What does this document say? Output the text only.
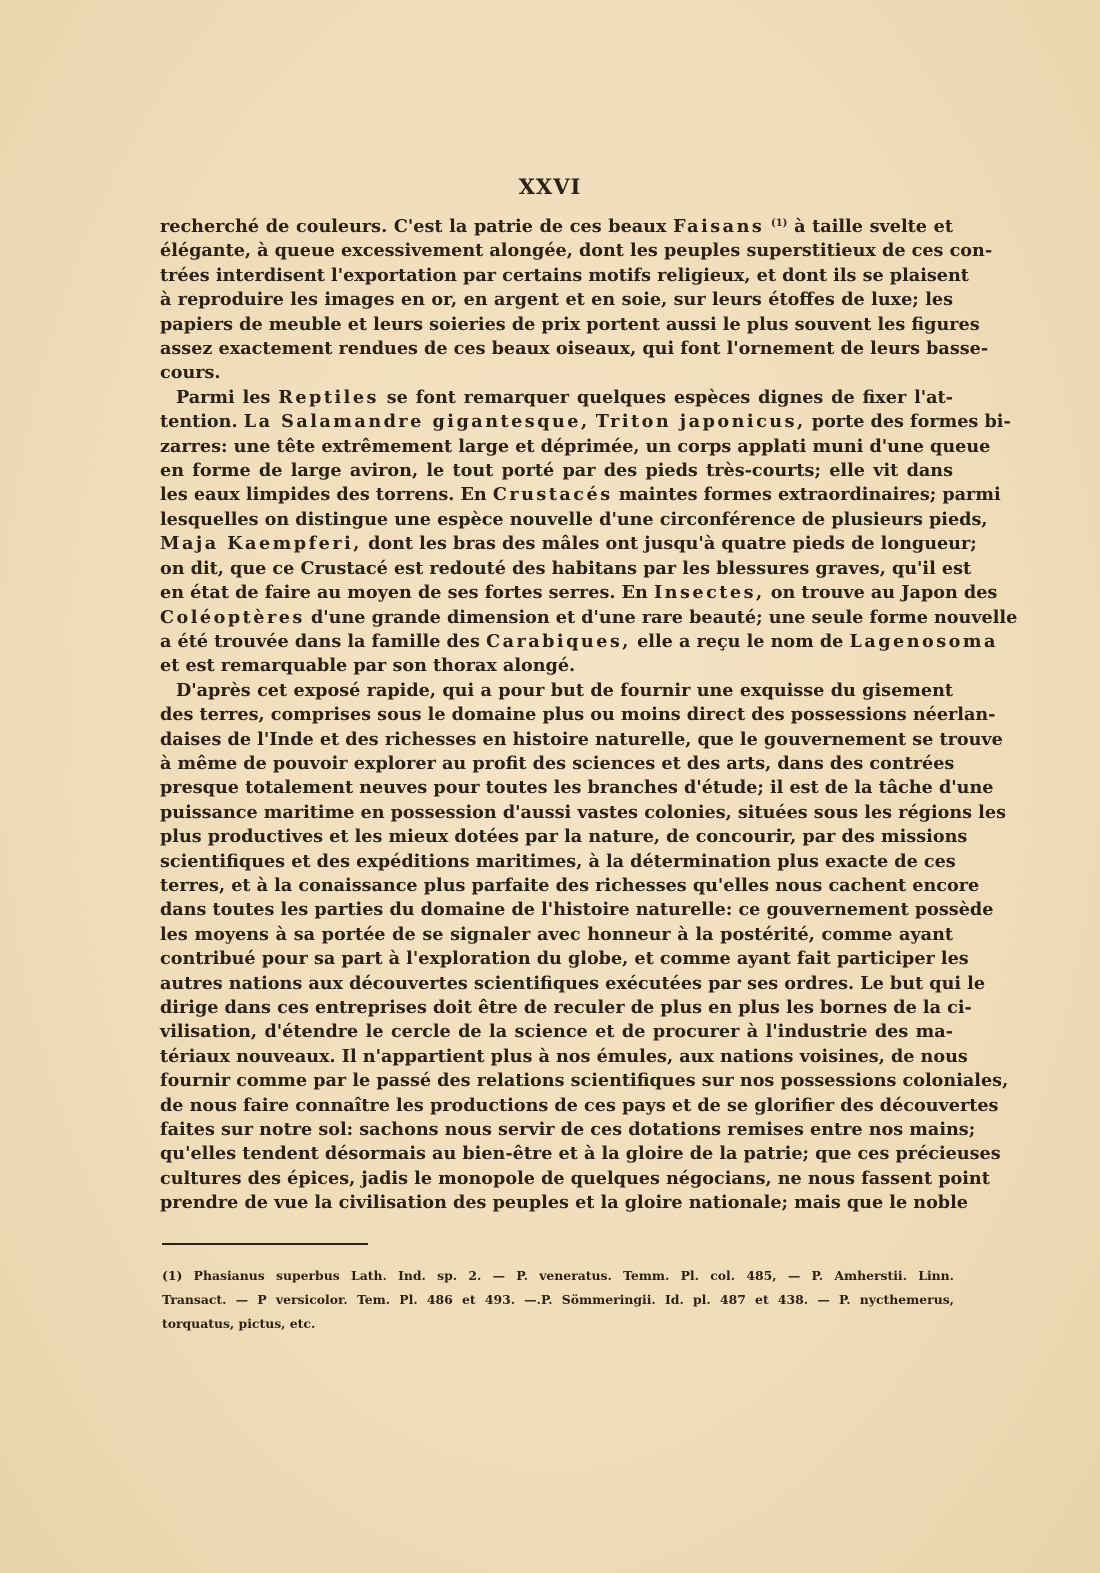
XXVI
recherché de couleurs. C'est la patrie de ces beaux Faisans $^{(1)}$ à taille svelte et
élégante, à queue excessivement alongée, dont les peuples superstitieux de ces con-
trées interdisent l'exportation par certains motifs religieux, et dont ils se plaisent
à reproduire les images en or, en argent et en soie, sur leurs étoffes de luxe; les
papiers de meuble et leurs soieries de prix portent aussi le plus souvent les figures
assez exactement rendues de ces beaux oiseaux, qui font l'ornement de leurs basse-
cours.
Parmi les Reptiles se font remarquer quelques espèces dignes de fixer l'at-
tention. La Salamandre gigantesque, Triton japonicus, porte des formes bi-
zarres: une tête extrêmement large et déprimée, un corps applati muni d'une queue
en forme de large aviron, le tout porté par des pieds très-courts; elle vit dans
les eaux limpides des torrens. En Crustacés maintes formes extraordinaires; parmi
lesquelles on distingue une espèce nouvelle d'une circonférence de plusieurs pieds,
Maja Kaempferi, dont les bras des mâles ont jusqu'à quatre pieds de longueur;
on dit, que ce Crustacé est redouté des habitans par les blessures graves, qu'il est
en état de faire au moyen de ses fortes serres. En Insectes, on trouve au Japon des
Coléoptères d'une grande dimension et d'une rare beauté; une seule forme nouvelle
a été trouvée dans la famille des Carabiques, elle a reçu le nom de Lagenosoma
et est remarquable par son thorax alongé.
D'après cet exposé rapide, qui a pour but de fournir une exquisse du gisement
des terres, comprises sous le domaine plus ou moins direct des possessions néerlan-
daises de l'Inde et des richesses en histoire naturelle, que le gouvernement se trouve
à même de pouvoir explorer au profit des sciences et des arts, dans des contrées
presque totalement neuves pour toutes les branches d'étude; il est de la tâche d'une
puissance maritime en possession d'aussi vastes colonies, situées sous les régions les
plus productives et les mieux dotées par la nature, de concourir, par des missions
scientifiques et des expéditions maritimes, à la détermination plus exacte de ces
terres, et à la conaissance plus parfaite des richesses qu'elles nous cachent encore
dans toutes les parties du domaine de l'histoire naturelle: ce gouvernement possède
les moyens à sa portée de se signaler avec honneur à la postérité, comme ayant
contribué pour sa part à l'exploration du globe, et comme ayant fait participer les
autres nations aux découvertes scientifiques exécutées par ses ordres. Le but qui le
dirige dans ces entreprises doit être de reculer de plus en plus les bornes de la ci-
vilisation, d'étendre le cercle de la science et de procurer à l'industrie des ma-
tériaux nouveaux. Il n'appartient plus à nos émules, aux nations voisines, de nous
fournir comme par le passé des relations scientifiques sur nos possessions coloniales,
de nous faire connaître les productions de ces pays et de se glorifier des découvertes
faites sur notre sol: sachons nous servir de ces dotations remises entre nos mains;
qu'elles tendent désormais au bien-être et à la gloire de la patrie; que ces précieuses
cultures des épices, jadis le monopole de quelques négocians, ne nous fassent point
prendre de vue la civilisation des peuples et la gloire nationale; mais que le noble
(1) Phasianus superbus Lath. Ind. sp. 2. — P. veneratus. Temm. Pl. col. 485, — P. Amherstii. Linn.
Transact. — P versicolor. Tem. Pl. 486 et 493. —.P. Sömmeringii. Id. pl. 487 et 438. — P. nycthemerus,
torquatus, pictus, etc.
